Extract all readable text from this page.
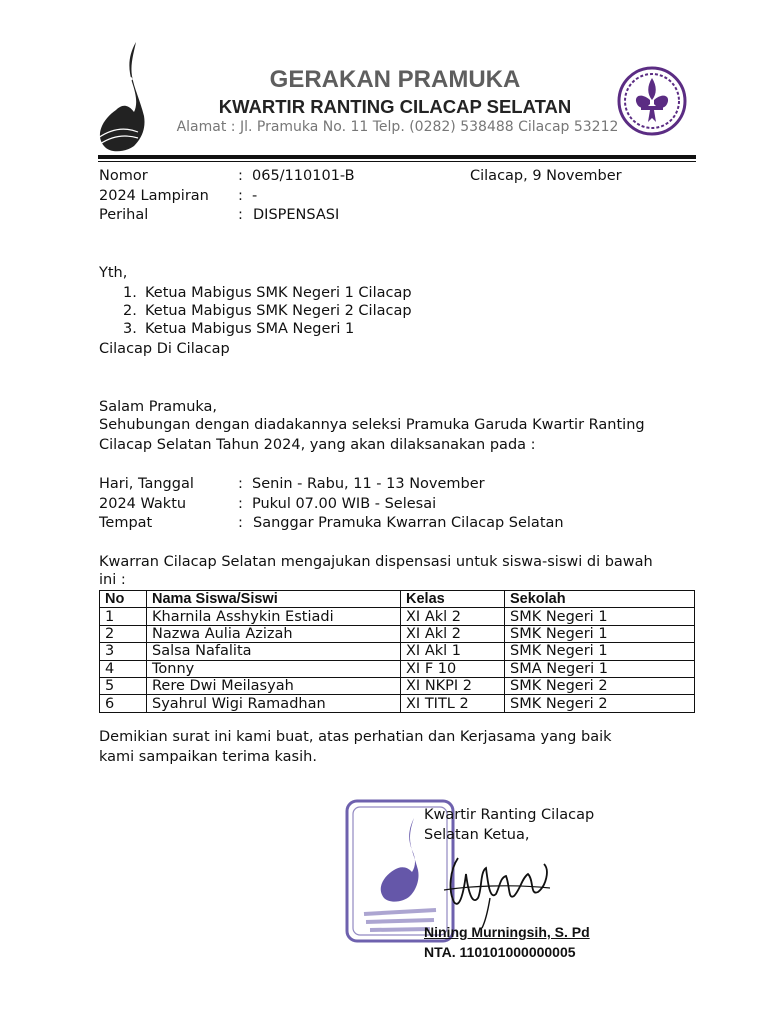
GERAKAN PRAMUKA
KWARTIR RANTING CILACAP SELATAN
Alamat : Jl. Pramuka No. 11 Telp. (0282) 538488 Cilacap 53212
Nomor	: 065/110101-B	Cilacap, 9 November
2024 Lampiran : -
Perihal	: DISPENSASI
Yth,
1. Ketua Mabigus SMK Negeri 1 Cilacap
2. Ketua Mabigus SMK Negeri 2 Cilacap
3. Ketua Mabigus SMA Negeri 1
Cilacap Di Cilacap
Salam Pramuka,
Sehubungan dengan diadakannya seleksi Pramuka Garuda Kwartir Ranting
Cilacap Selatan Tahun 2024, yang akan dilaksanakan pada :
Hari, Tanggal	: Senin - Rabu, 11 - 13 November
2024 Waktu	: Pukul 07.00 WIB - Selesai
Tempat	: Sanggar Pramuka Kwarran Cilacap Selatan
Kwarran Cilacap Selatan mengajukan dispensasi untuk siswa-siswi di bawah
ini :
No	Nama Siswa/Siswi	Kelas	Sekolah
1	Kharnila Asshykin Estiadi	XI Akl 2	SMK Negeri 1
2	Nazwa Aulia Azizah	XI Akl 2	SMK Negeri 1
3	Salsa Nafalita	XI Akl 1	SMK Negeri 1
4	Tonny	XI F 10	SMA Negeri 1
5	Rere Dwi Meilasyah	XI NKPI 2	SMK Negeri 2
6	Syahrul Wigi Ramadhan	XI TITL 2	SMK Negeri 2
Demikian surat ini kami buat, atas perhatian dan Kerjasama yang baik
kami sampaikan terima kasih.
Kwartir Ranting Cilacap
Selatan Ketua,
Nining Murningsih, S. Pd
NTA. 110101000000005
